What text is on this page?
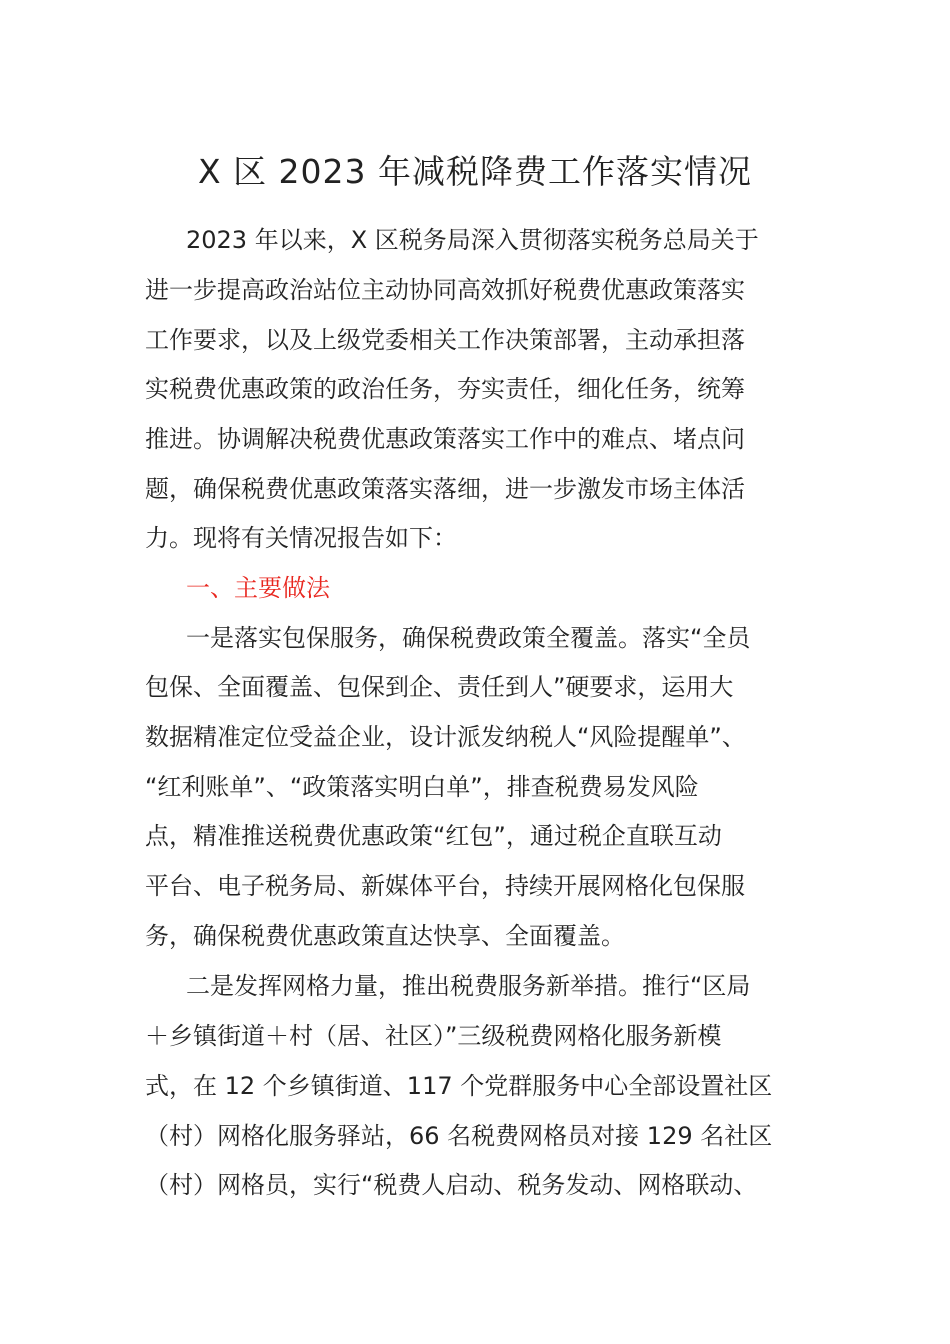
X 区 2023 年减税降费工作落实情况

2023 年以来，X 区税务局深入贯彻落实税务总局关于

进一步提高政治站位主动协同高效抓好税费优惠政策落实

工作要求，以及上级党委相关工作决策部署，主动承担落

实税费优惠政策的政治任务，夯实责任，细化任务，统筹

推进。协调解决税费优惠政策落实工作中的难点、堵点问

题，确保税费优惠政策落实落细，进一步激发市场主体活

力。现将有关情况报告如下：

一、主要做法

一是落实包保服务，确保税费政策全覆盖。落实“全员

包保、全面覆盖、包保到企、责任到人”硬要求，运用大

数据精准定位受益企业，设计派发纳税人“风险提醒单”、

“红利账单”、“政策落实明白单”，排查税费易发风险

点，精准推送税费优惠政策“红包”，通过税企直联互动

平台、电子税务局、新媒体平台，持续开展网格化包保服

务，确保税费优惠政策直达快享、全面覆盖。

二是发挥网格力量，推出税费服务新举措。推行“区局

＋乡镇街道＋村（居、社区）”三级税费网格化服务新模

式，在 12 个乡镇街道、117 个党群服务中心全部设置社区

（村）网格化服务驿站，66 名税费网格员对接 129 名社区

（村）网格员，实行“税费人启动、税务发动、网格联动、
